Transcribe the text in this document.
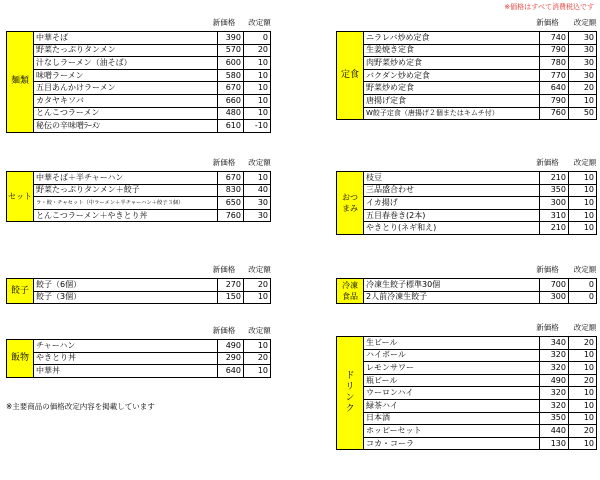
※価格はすべて消費税込です
※主要商品の価格改定内容を掲載しています
新価格	改定額
麺類	中華そば	390	0
	野菜たっぷりタンメン	570	20
	汁なしラーメン（油そば）	600	10
	味噌ラーメン	580	10
	五目あんかけラーメン	670	10
	カタヤキソバ	660	10
	とんこつラーメン	480	10
	秘伝の辛味噌ﾗｰﾒﾝ	610	-10
新価格	改定額
セット	中華そば＋半チャーハン	670	10
	野菜たっぷりタンメン＋餃子	830	40
	ラ・餃・チャセット（中ラーメン＋半チャーハン＋餃子３個）	650	30
	とんこつラーメン＋やきとり丼	760	30
新価格	改定額
餃子	餃子（6個）	270	20
	餃子（3個）	150	10
新価格	改定額
飯物	チャーハン	490	10
	やきとり丼	290	20
	中華丼	640	10
新価格	改定額
定食	ニラレバ炒め定食	740	30
	生姜焼き定食	790	30
	肉野菜炒め定食	780	30
	バクダン炒め定食	770	30
	野菜炒め定食	640	20
	唐揚げ定食	790	10
	W餃子定食（唐揚げ２個またはキムチ付）	760	50
新価格	改定額
おつまみ	枝豆	210	10
	三品盛合わせ	350	10
	イカ揚げ	300	10
	五目春巻き(2本)	310	10
	やきとり(ネギ和え)	210	10
新価格	改定額
冷凍食品	冷凍生餃子標準30個	700	0
	2人前冷凍生餃子	300	0
新価格	改定額
ドリンク	生ビール	340	20
	ハイボール	320	10
	レモンサワー	320	10
	瓶ビール	490	20
	ウーロンハイ	320	10
	緑茶ハイ	320	10
	日本酒	350	10
	ホッピーセット	440	20
	コカ・コーラ	130	10
